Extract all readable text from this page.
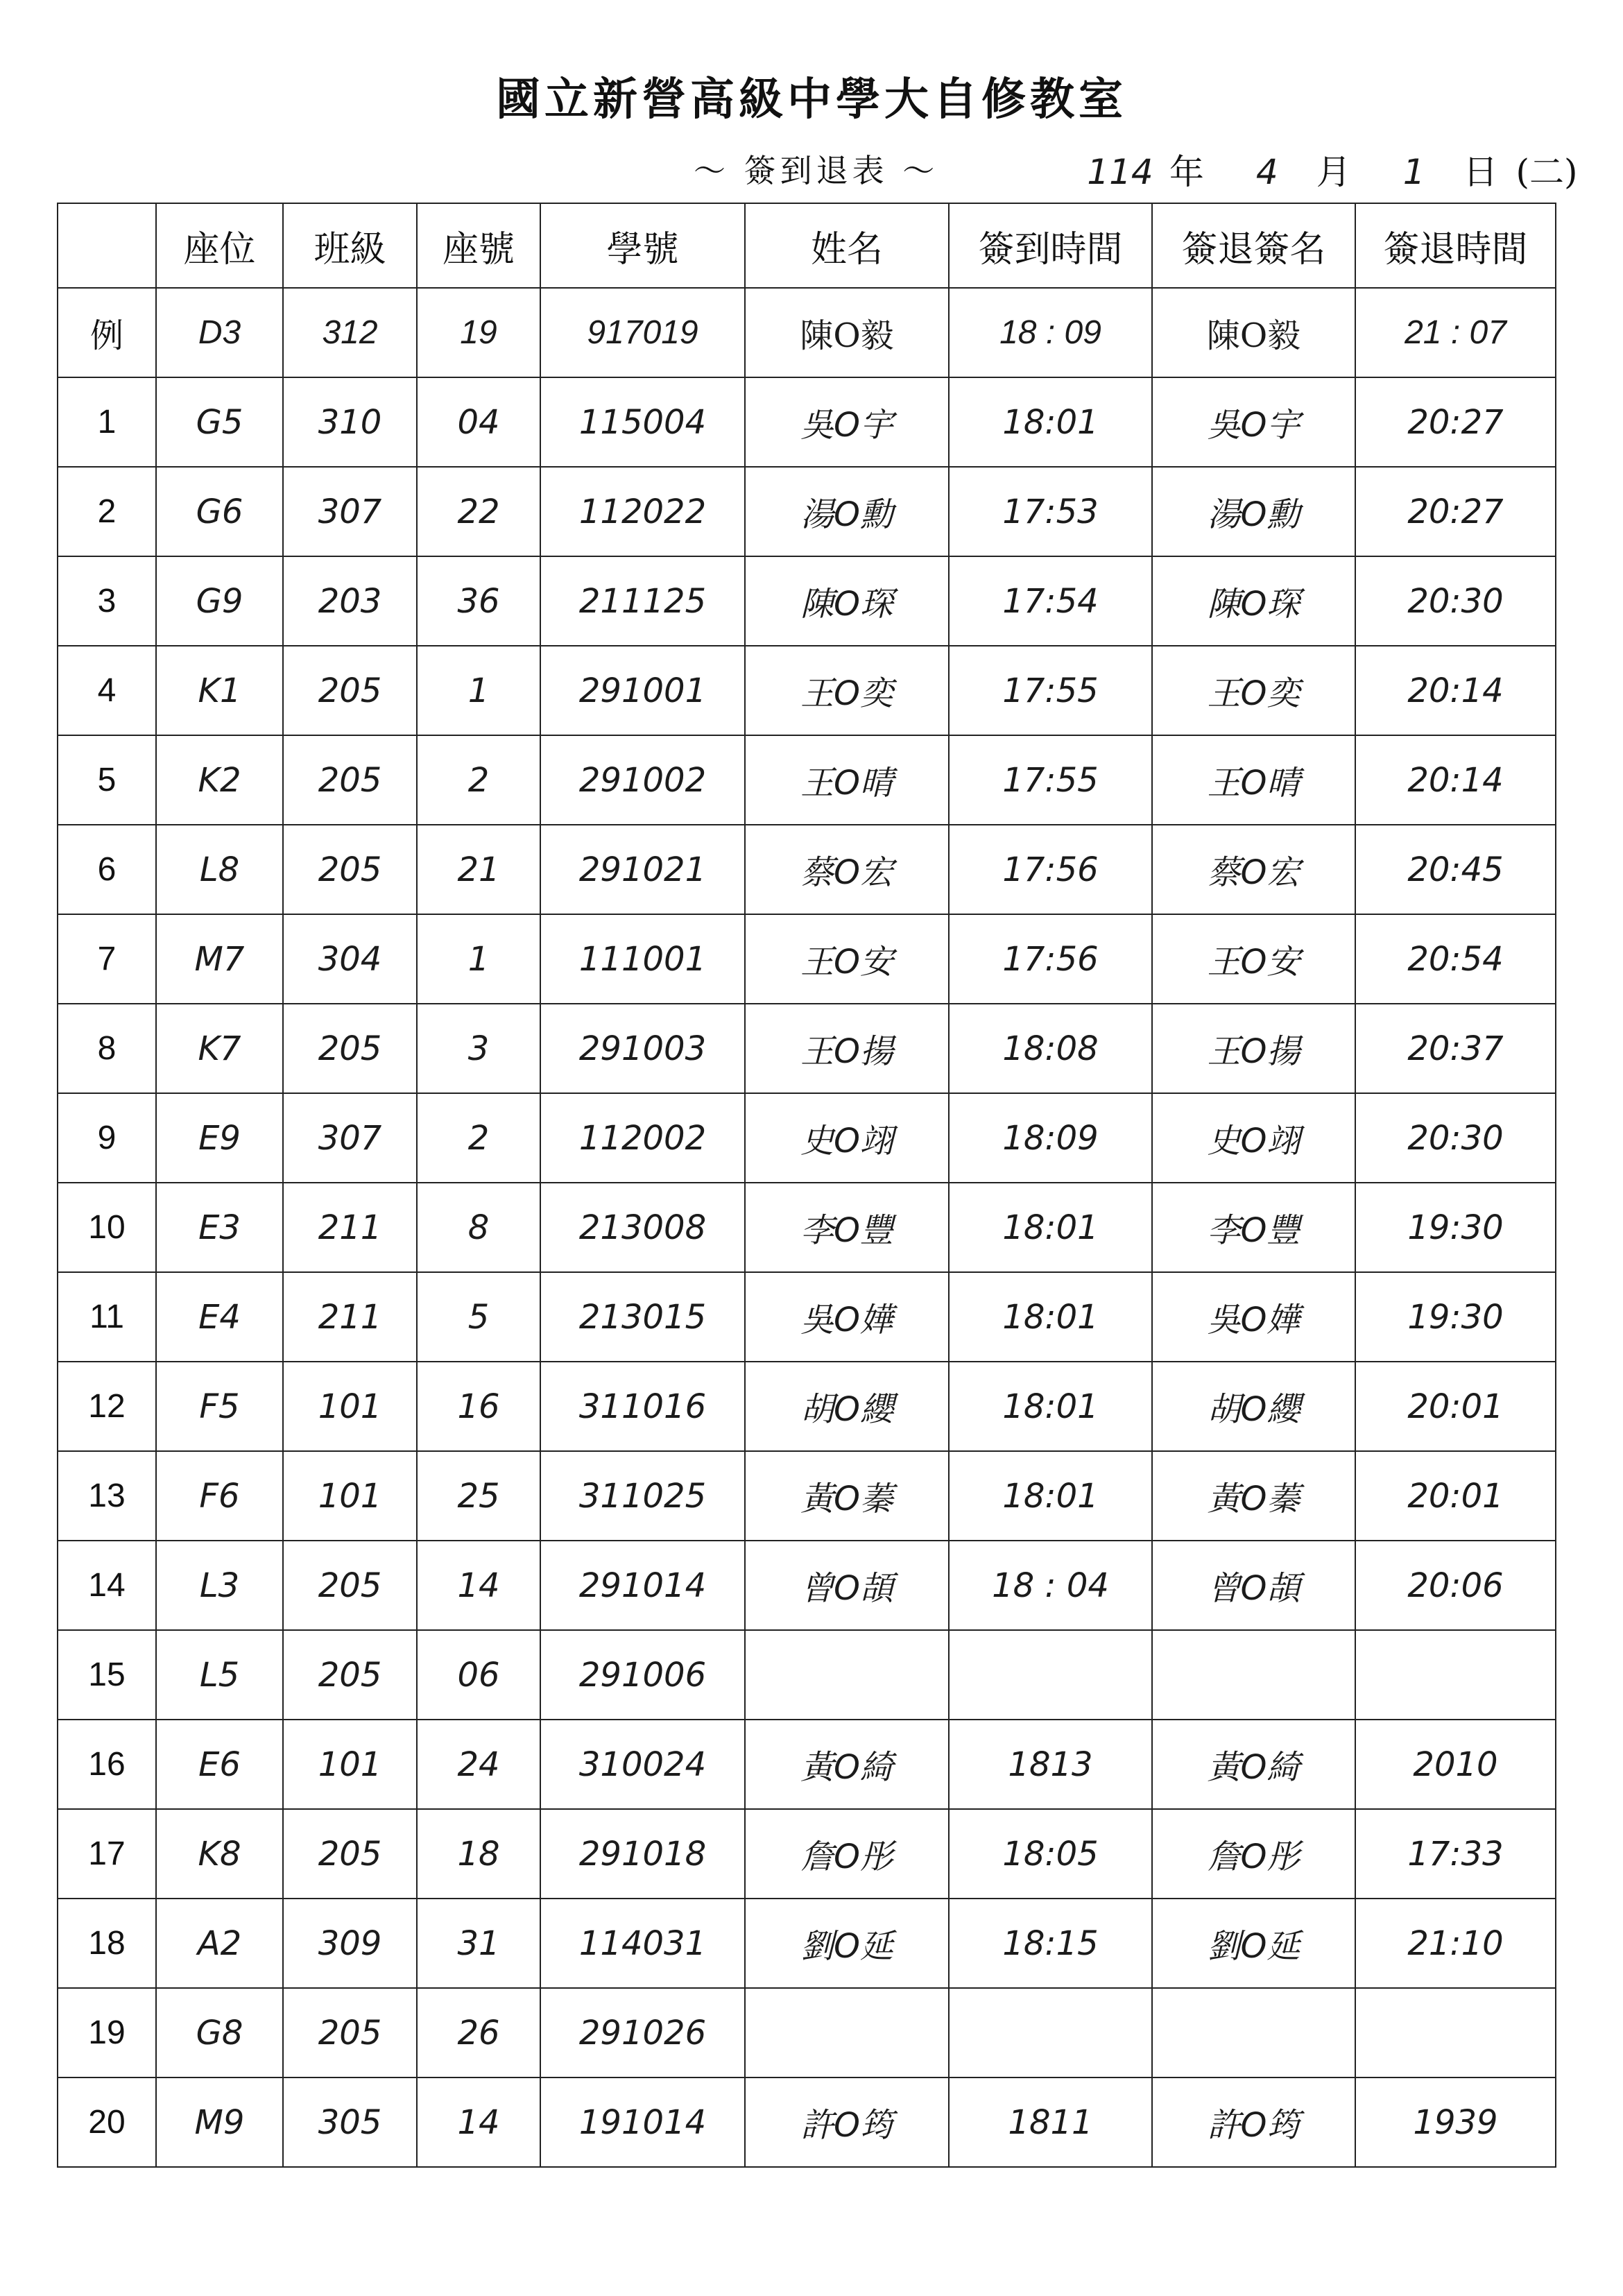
國立新營高級中學大自修教室
～ 簽到退表 ～	114 年 4 月 1 日 (二)
	座位	班級	座號	學號	姓名	簽到時間	簽退簽名	簽退時間
例	D3	312	19	917019	陳O毅	18 : 09	陳O毅	21 : 07
1	G5	310	04	115004	吳O宇	18:01	吳O宇	20:27
2	G6	307	22	112022	湯O勳	17:53	湯O勳	20:27
3	G9	203	36	211125	陳O琛	17:54	陳O琛	20:30
4	K1	205	1	291001	王O奕	17:55	王O奕	20:14
5	K2	205	2	291002	王O晴	17:55	王O晴	20:14
6	L8	205	21	291021	蔡O宏	17:56	蔡O宏	20:45
7	M7	304	1	111001	王O安	17:56	王O安	20:54
8	K7	205	3	291003	王O揚	18:08	王O揚	20:37
9	E9	307	2	112002	史O翊	18:09	史O翊	20:30
10	E3	211	8	213008	李O豐	18:01	李O豐	19:30
11	E4	211	5	213015	吳O嬅	18:01	吳O嬅	19:30
12	F5	101	16	311016	胡O纓	18:01	胡O纓	20:01
13	F6	101	25	311025	黃O蓁	18:01	黃O蓁	20:01
14	L3	205	14	291014	曾O頡	18 : 04	曾O頡	20:06
15	L5	205	06	291006				
16	E6	101	24	310024	黃O綺	1813	黃O綺	2010
17	K8	205	18	291018	詹O彤	18:05	詹O彤	17:33
18	A2	309	31	114031	劉O延	18:15	劉O延	21:10
19	G8	205	26	291026				
20	M9	305	14	191014	許O筠	1811	許O筠	1939
